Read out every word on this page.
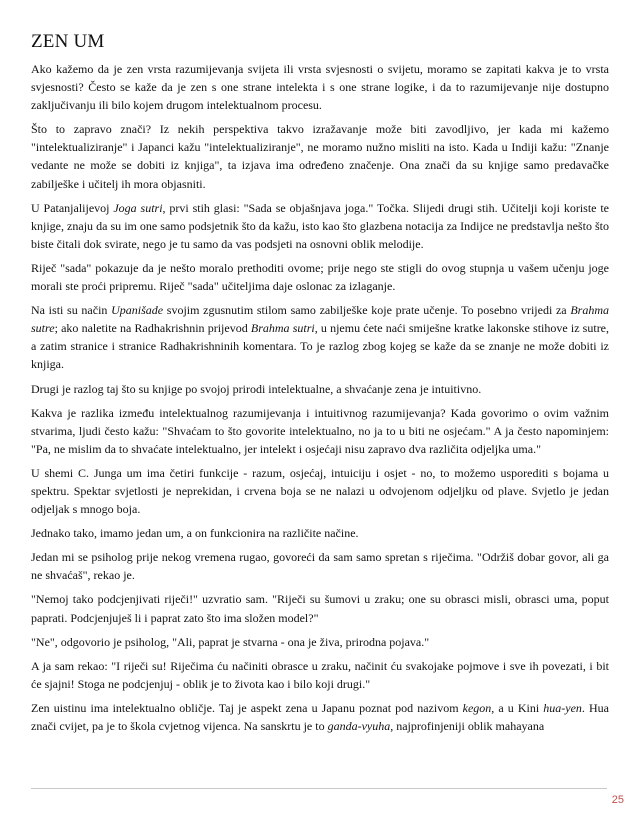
ZEN UM

Ako kažemo da je zen vrsta razumijevanja svijeta ili vrsta svjesnosti o svijetu, moramo se zapitati kakva je to vrsta svjesnosti? Često se kaže da je zen s one strane intelekta i s one strane logike, i da to razumijevanje nije dostupno zaključivanju ili bilo kojem drugom intelektualnom procesu.

Što to zapravo znači? Iz nekih perspektiva takvo izražavanje može biti zavodljivo, jer kada mi kažemo "intelektualiziranje" i Japanci kažu "intelektualiziranje", ne moramo nužno misliti na isto. Kada u Indiji kažu: "Znanje vedante ne može se dobiti iz knjiga", ta izjava ima određeno značenje. Ona znači da su knjige samo predavačke zabilješke i učitelj ih mora objasniti.

U Patanjalijevoj Joga sutri, prvi stih glasi: "Sada se objašnjava joga." Točka. Slijedi drugi stih. Učitelji koji koriste te knjige, znaju da su im one samo podsjetnik što da kažu, isto kao što glazbena notacija za Indijce ne predstavlja nešto što biste čitali dok svirate, nego je tu samo da vas podsjeti na osnovni oblik melodije.

Riječ "sada" pokazuje da je nešto moralo prethoditi ovome; prije nego ste stigli do ovog stupnja u vašem učenju joge morali ste proći pripremu. Riječ "sada" učiteljima daje oslonac za izlaganje.

Na isti su način Upanišade svojim zgusnutim stilom samo zabilješke koje prate učenje. To posebno vrijedi za Brahma sutre; ako naletite na Radhakrishnin prijevod Brahma sutri, u njemu ćete naći smiješne kratke lakonske stihove iz sutre, a zatim stranice i stranice Radhakrishninih komentara. To je razlog zbog kojeg se kaže da se znanje ne može dobiti iz knjiga.

Drugi je razlog taj što su knjige po svojoj prirodi intelektualne, a shvaćanje zena je intuitivno.

Kakva je razlika između intelektualnog razumijevanja i intuitivnog razumijevanja? Kada govorimo o ovim važnim stvarima, ljudi često kažu: "Shvaćam to što govorite intelektualno, no ja to u biti ne osjećam." A ja često napominjem: "Pa, ne mislim da to shvaćate intelektualno, jer intelekt i osjećaji nisu zapravo dva različita odjeljka uma."

U shemi C. Junga um ima četiri funkcije - razum, osjećaj, intuiciju i osjet - no, to možemo usporediti s bojama u spektru. Spektar svjetlosti je neprekidan, i crvena boja se ne nalazi u odvojenom odjeljku od plave. Svjetlo je jedan odjeljak s mnogo boja.

Jednako tako, imamo jedan um, a on funkcionira na različite načine.

Jedan mi se psiholog prije nekog vremena rugao, govoreći da sam samo spretan s riječima. "Održiš dobar govor, ali ga ne shvaćaš", rekao je.

"Nemoj tako podcjenjivati riječi!" uzvratio sam. "Riječi su šumovi u zraku; one su obrasci misli, obrasci uma, poput paprati. Podcjenjuješ li i paprat zato što ima složen model?"

"Ne", odgovorio je psiholog, "Ali, paprat je stvarna - ona je živa, prirodna pojava."

A ja sam rekao: "I riječi su! Riječima ću načiniti obrasce u zraku, načinit ću svakojake pojmove i sve ih povezati, i bit će sjajni! Stoga ne podcjenjuj - oblik je to života kao i bilo koji drugi."

Zen uistinu ima intelektualno obličje. Taj je aspekt zena u Japanu poznat pod nazivom kegon, a u Kini hua-yen. Hua znači cvijet, pa je to škola cvjetnog vijenca. Na sanskrtu je to ganda-vyuha, najprofinjeniji oblik mahayana

25
